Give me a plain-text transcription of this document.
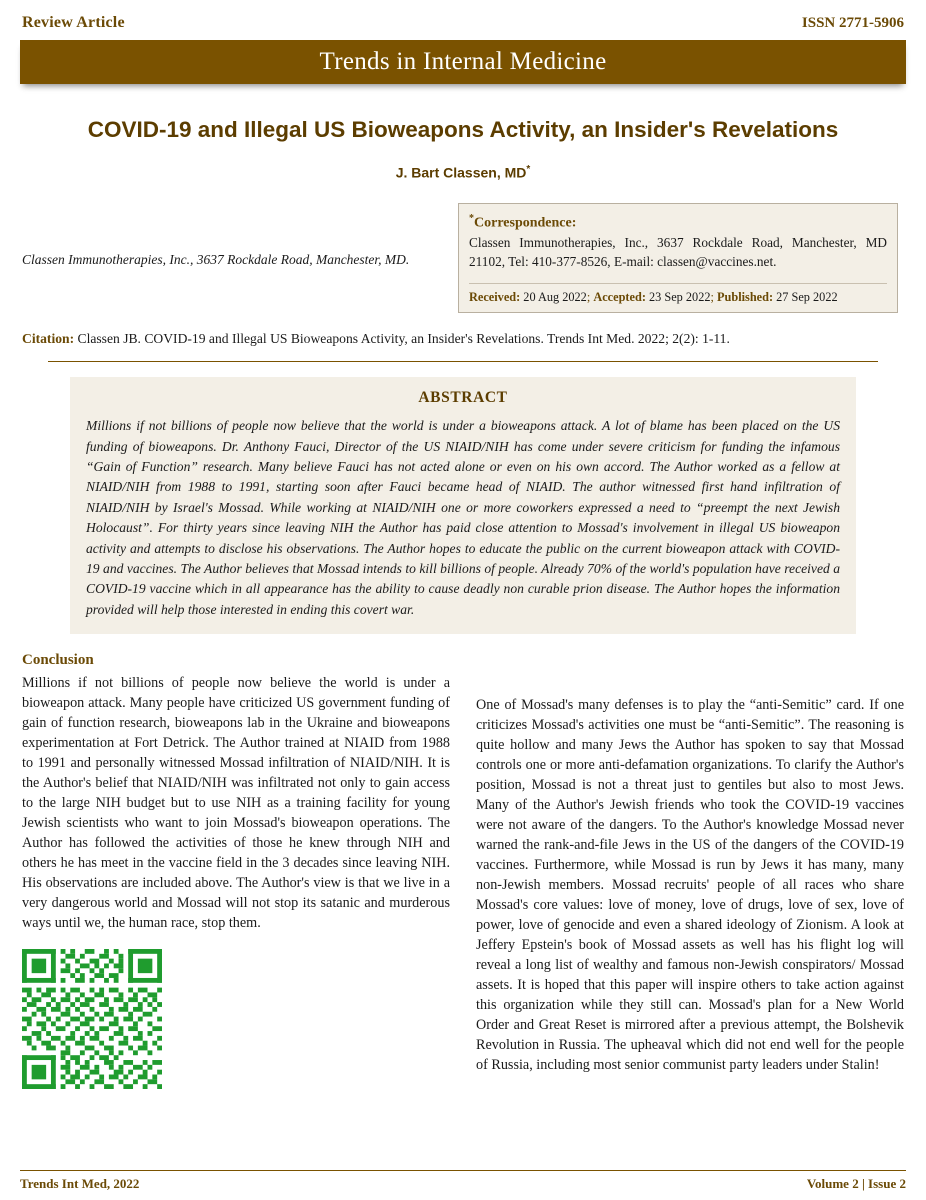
Review Article	ISSN 2771-5906
Trends in Internal Medicine
COVID-19 and Illegal US Bioweapons Activity, an Insider's Revelations
J. Bart Classen, MD*
Classen Immunotherapies, Inc., 3637 Rockdale Road, Manchester, MD.
*Correspondence:
Classen Immunotherapies, Inc., 3637 Rockdale Road, Manchester, MD 21102, Tel: 410-377-8526, E-mail: classen@vaccines.net.
Received: 20 Aug 2022; Accepted: 23 Sep 2022; Published: 27 Sep 2022
Citation: Classen JB. COVID-19 and Illegal US Bioweapons Activity, an Insider's Revelations. Trends Int Med. 2022; 2(2): 1-11.
ABSTRACT
Millions if not billions of people now believe that the world is under a bioweapons attack. A lot of blame has been placed on the US funding of bioweapons. Dr. Anthony Fauci, Director of the US NIAID/NIH has come under severe criticism for funding the infamous “Gain of Function” research. Many believe Fauci has not acted alone or even on his own accord. The Author worked as a fellow at NIAID/NIH from 1988 to 1991, starting soon after Fauci became head of NIAID. The author witnessed first hand infiltration of NIAID/NIH by Israel's Mossad. While working at NIAID/NIH one or more coworkers expressed a need to “preempt the next Jewish Holocaust”. For thirty years since leaving NIH the Author has paid close attention to Mossad's involvement in illegal US bioweapon activity and attempts to disclose his observations. The Author hopes to educate the public on the current bioweapon attack with COVID-19 and vaccines. The Author believes that Mossad intends to kill billions of people. Already 70% of the world's population have received a COVID-19 vaccine which in all appearance has the ability to cause deadly non curable prion disease. The Author hopes the information provided will help those interested in ending this covert war.
Conclusion

Millions if not billions of people now believe the world is under a bioweapon attack. Many people have criticized US government funding of gain of function research, bioweapons lab in the Ukraine and bioweapons experimentation at Fort Detrick. The Author trained at NIAID from 1988 to 1991 and personally witnessed Mossad infiltration of NIAID/NIH. It is the Author's belief that NIAID/NIH was infiltrated not only to gain access to the large NIH budget but to use NIH as a training facility for young Jewish scientists who want to join Mossad's bioweapon operations. The Author has followed the activities of those he knew through NIH and others he has meet in the vaccine field in the 3 decades since leaving NIH. His observations are included above. The Author's view is that we live in a very dangerous world and Mossad will not stop its satanic and murderous ways until we, the human race, stop them.

One of Mossad's many defenses is to play the “anti-Semitic” card. If one criticizes Mossad's activities one must be “anti-Semitic”. The reasoning is quite hollow and many Jews the Author has spoken to say that Mossad controls one or more anti-defamation organizations. To clarify the Author's position, Mossad is not a threat just to gentiles but also to most Jews. Many of the Author's Jewish friends who took the COVID-19 vaccines were not aware of the dangers. To the Author's knowledge Mossad never warned the rank-and-file Jews in the US of the dangers of the COVID-19 vaccines. Furthermore, while Mossad is run by Jews it has many, many non-Jewish members. Mossad recruits' people of all races who share Mossad's core values: love of money, love of drugs, love of sex, love of power, love of genocide and even a shared ideology of Zionism. A look at Jeffery Epstein's book of Mossad assets as well has his flight log will reveal a long list of wealthy and famous non-Jewish conspirators/ Mossad assets. It is hoped that this paper will inspire others to take action against this organization while they still can. Mossad's plan for a New World Order and Great Reset is mirrored after a previous attempt, the Bolshevik Revolution in Russia. The upheaval which did not end well for the people of Russia, including most senior communist party leaders under Stalin!

Trends Int Med, 2022	Volume 2 | Issue 2
